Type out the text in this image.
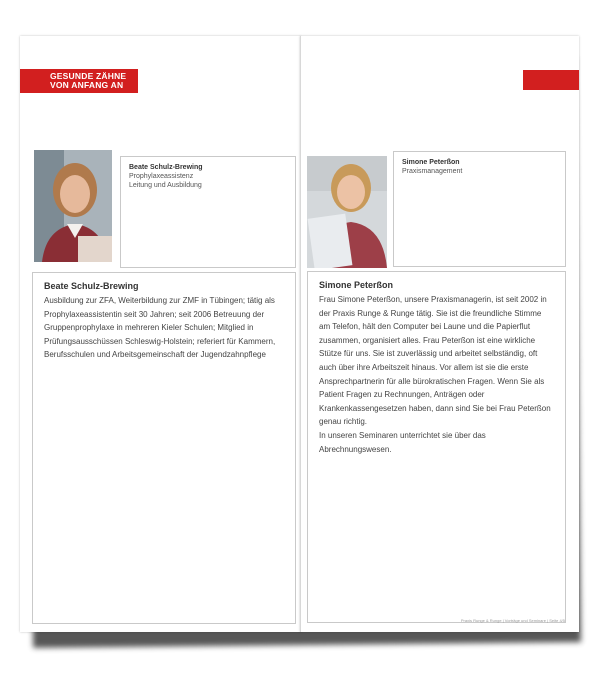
GESUNDE ZÄHNE
VON ANFANG AN
Beate Schulz-Brewing
Prophylaxeassistenz
Leitung und Ausbildung
Beate Schulz-Brewing

Ausbildung zur ZFA, Weiterbildung zur ZMF in Tübingen; tätig als Prophylaxeassistentin seit 30 Jahren; seit 2006 Betreuung der Gruppenprophylaxe in mehreren Kieler Schulen; Mitglied in Prüfungsausschüssen Schleswig-Holstein; referiert für Kammern, Berufsschulen und Arbeitsgemeinschaft der Jugendzahnpflege

Simone Peterßon
Praxismanagement
Simone Peterßon

Frau Simone Peterßon, unsere Praxismanagerin, ist seit 2002 in der Praxis Runge & Runge tätig. Sie ist die freundliche Stimme am Telefon, hält den Computer bei Laune und die Papierflut zusammen, organisiert alles. Frau Peterßon ist eine wirkliche Stütze für uns. Sie ist zuverlässig und arbeitet selbständig, oft auch über ihre Arbeitszeit hinaus. Vor allem ist sie die erste Ansprechpartnerin für alle bürokratischen Fragen. Wenn Sie als Patient Fragen zu Rechnungen, Anträgen oder Krankenkassengesetzen haben, dann sind Sie bei Frau Peterßon genau richtig.

In unseren Seminaren unterrichtet sie über das Abrechnungswesen.

Praxis Runge & Runge | Vorträge und Seminare | Seite 4/5
